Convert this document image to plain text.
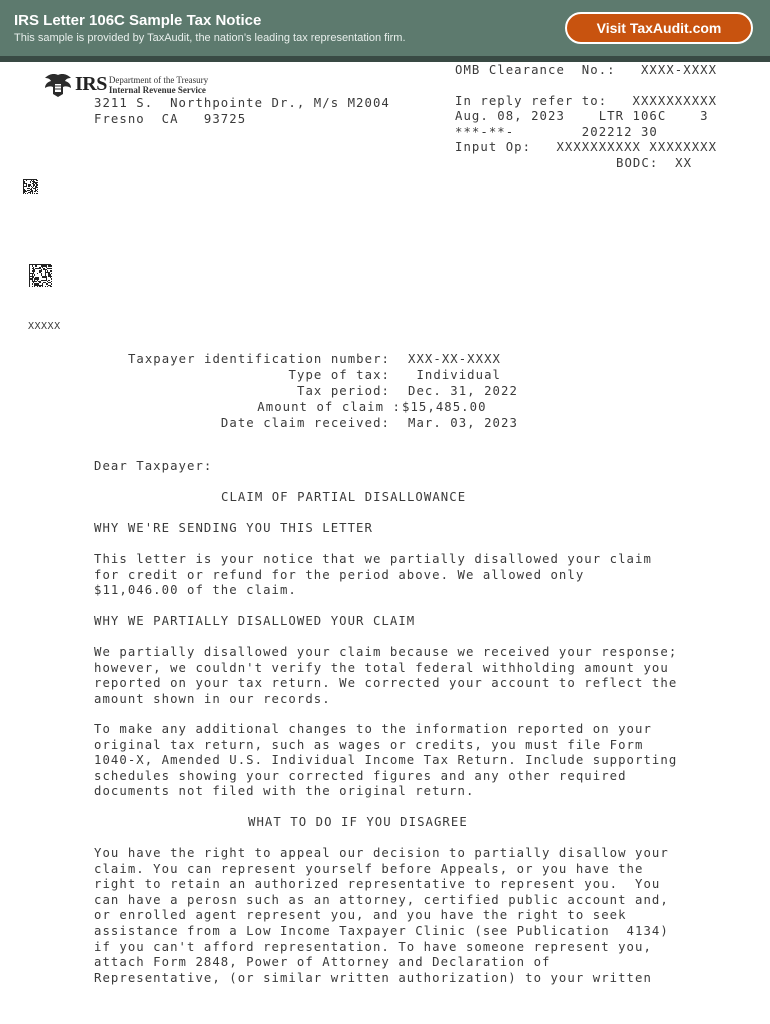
IRS Letter 106C Sample Tax Notice
This sample is provided by TaxAudit, the nation’s leading tax representation firm.
Visit TaxAudit.com
IRS Department of the Treasury
Internal Revenue Service
3211 S.  Northpointe Dr., M/s M2004
Fresno  CA   93725
OMB Clearance  No.:   XXXX-XXXX
In reply refer to:   XXXXXXXXXX
Aug. 08, 2023    LTR 106C    3
***-**-        202212 30
Input Op:   XXXXXXXXXX XXXXXXXX
BODC:  XX
XXXXX
Taxpayer identification number: XXX-XX-XXXX
Type of tax: Individual
Tax period: Dec. 31, 2022
Amount of claim : $15,485.00
Date claim received: Mar. 03, 2023
Dear Taxpayer:
CLAIM OF PARTIAL DISALLOWANCE
WHY WE'RE SENDING YOU THIS LETTER
This letter is your notice that we partially disallowed your claim
for credit or refund for the period above. We allowed only
$11,046.00 of the claim.
WHY WE PARTIALLY DISALLOWED YOUR CLAIM
We partially disallowed your claim because we received your response;
however, we couldn't verify the total federal withholding amount you
reported on your tax return. We corrected your account to reflect the
amount shown in our records.
To make any additional changes to the information reported on your
original tax return, such as wages or credits, you must file Form
1040-X, Amended U.S. Individual Income Tax Return. Include supporting
schedules showing your corrected figures and any other required
documents not filed with the original return.
WHAT TO DO IF YOU DISAGREE
You have the right to appeal our decision to partially disallow your
claim. You can represent yourself before Appeals, or you have the
right to retain an authorized representative to represent you.  You
can have a perosn such as an attorney, certified public account and,
or enrolled agent represent you, and you have the right to seek
assistance from a Low Income Taxpayer Clinic (see Publication  4134)
if you can't afford representation. To have someone represent you,
attach Form 2848, Power of Attorney and Declaration of
Representative, (or similar written authorization) to your written
